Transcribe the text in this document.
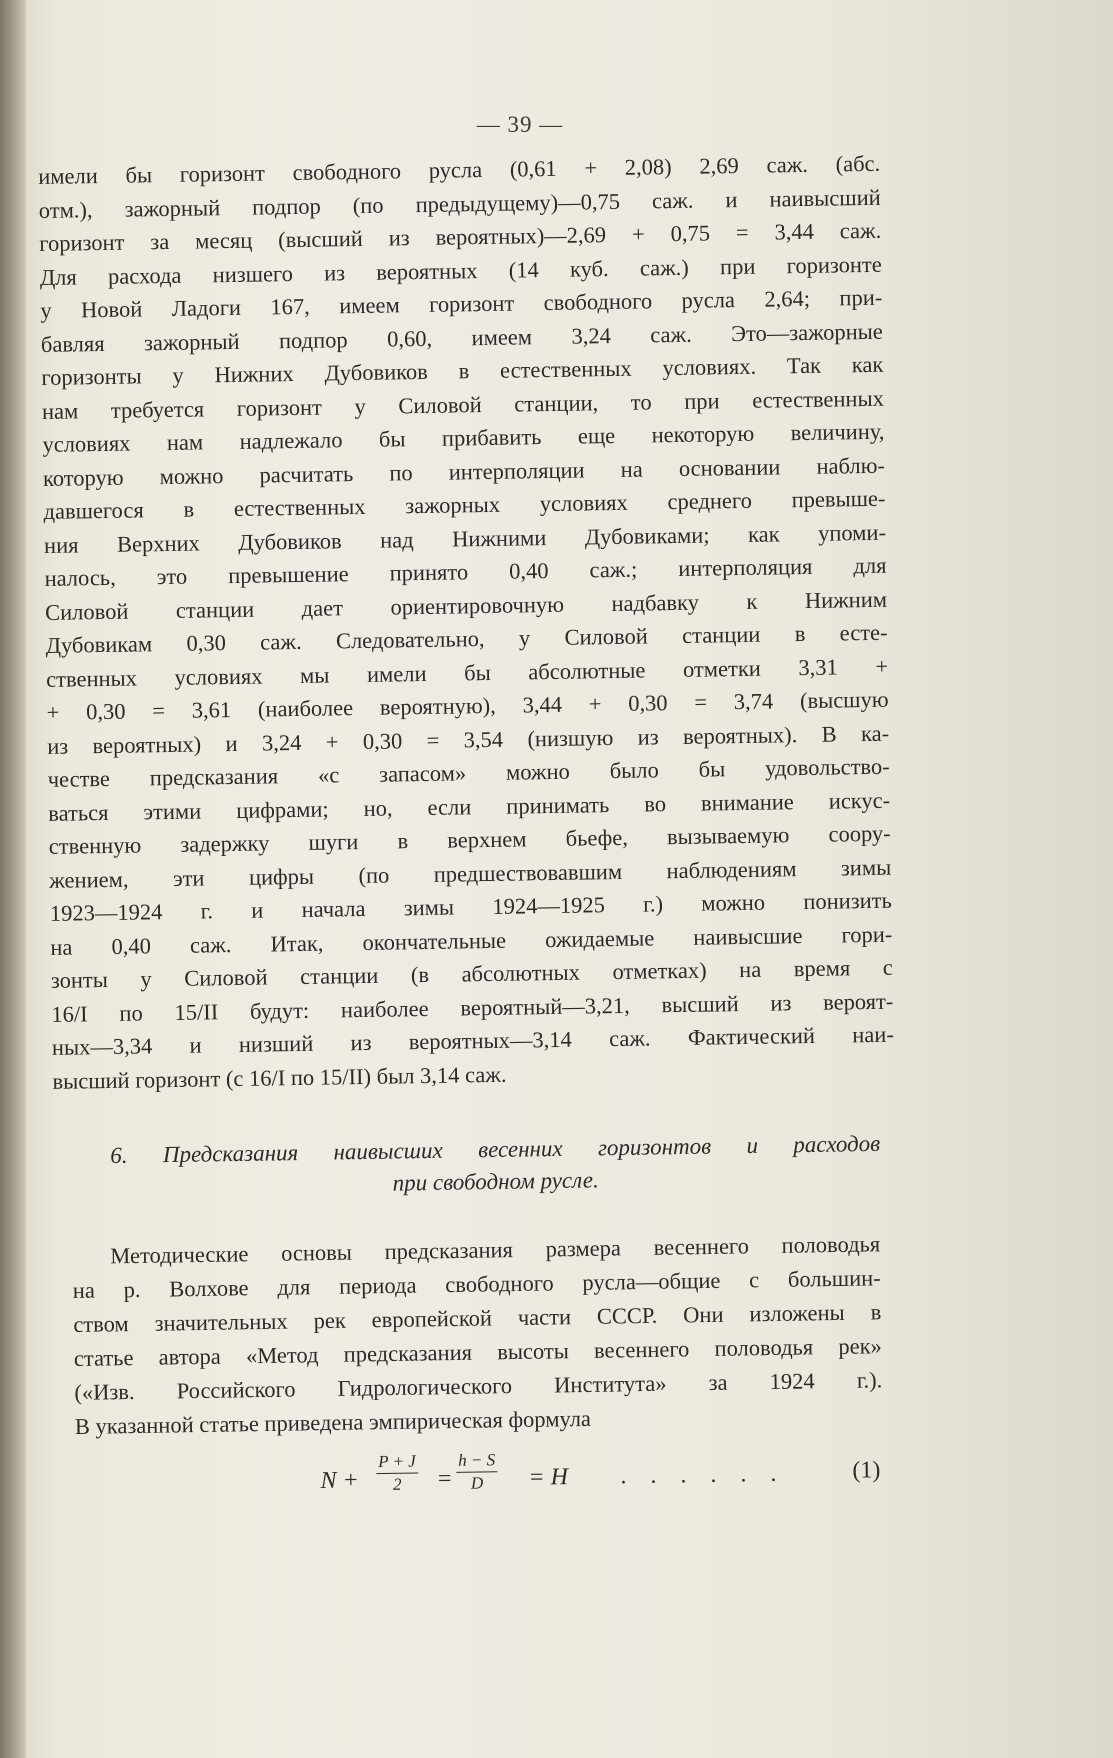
— 39 —
имели бы горизонт свободного русла (0,61 + 2,08) 2,69 саж. (абс.
отм.), зажорный подпор (по предыдущему)—0,75 саж. и наивысший
горизонт за месяц (высший из вероятных)—2,69 + 0,75 = 3,44 саж.
Для расхода низшего из вероятных (14 куб. саж.) при горизонте
у Новой Ладоги 167, имеем горизонт свободного русла 2,64; при-
бавляя зажорный подпор 0,60, имеем 3,24 саж. Это—зажорные
горизонты у Нижних Дубовиков в естественных условиях. Так как
нам требуется горизонт у Силовой станции, то при естественных
условиях нам надлежало бы прибавить еще некоторую величину,
которую можно расчитать по интерполяции на основании наблю-
давшегося в естественных зажорных условиях среднего превыше-
ния Верхних Дубовиков над Нижними Дубовиками; как упоми-
налось, это превышение принято 0,40 саж.; интерполяция для
Силовой станции дает ориентировочную надбавку к Нижним
Дубовикам 0,30 саж. Следовательно, у Силовой станции в есте-
ственных условиях мы имели бы абсолютные отметки 3,31 +
+ 0,30 = 3,61 (наиболее вероятную), 3,44 + 0,30 = 3,74 (высшую
из вероятных) и 3,24 + 0,30 = 3,54 (низшую из вероятных). В ка-
честве предсказания «с запасом» можно было бы удовольство-
ваться этими цифрами; но, если принимать во внимание искус-
ственную задержку шуги в верхнем бьефе, вызываемую соору-
жением, эти цифры (по предшествовавшим наблюдениям зимы
1923—1924 г. и начала зимы 1924—1925 г.) можно понизить
на 0,40 саж. Итак, окончательные ожидаемые наивысшие гори-
зонты у Силовой станции (в абсолютных отметках) на время с
16/I по 15/II будут: наиболее вероятный—3,21, высший из вероят-
ных—3,34 и низший из вероятных—3,14 саж. Фактический наи-
высший горизонт (с 16/I по 15/II) был 3,14 саж.
6. Предсказания наивысших весенних горизонтов и расходов
при свободном русле.
Методические основы предсказания размера весеннего половодья
на р. Волхове для периода свободного русла—общие с большин-
ством значительных рек европейской части СССР. Они изложены в
статье автора «Метод предсказания высоты весеннего половодья рек»
(«Изв. Российского Гидрологического Института» за 1924 г.).
В указанной статье приведена эмпирическая формула
$N + \frac{P + J}{2} = \frac{h - S}{D} = H$ . . . . . .	(1)
